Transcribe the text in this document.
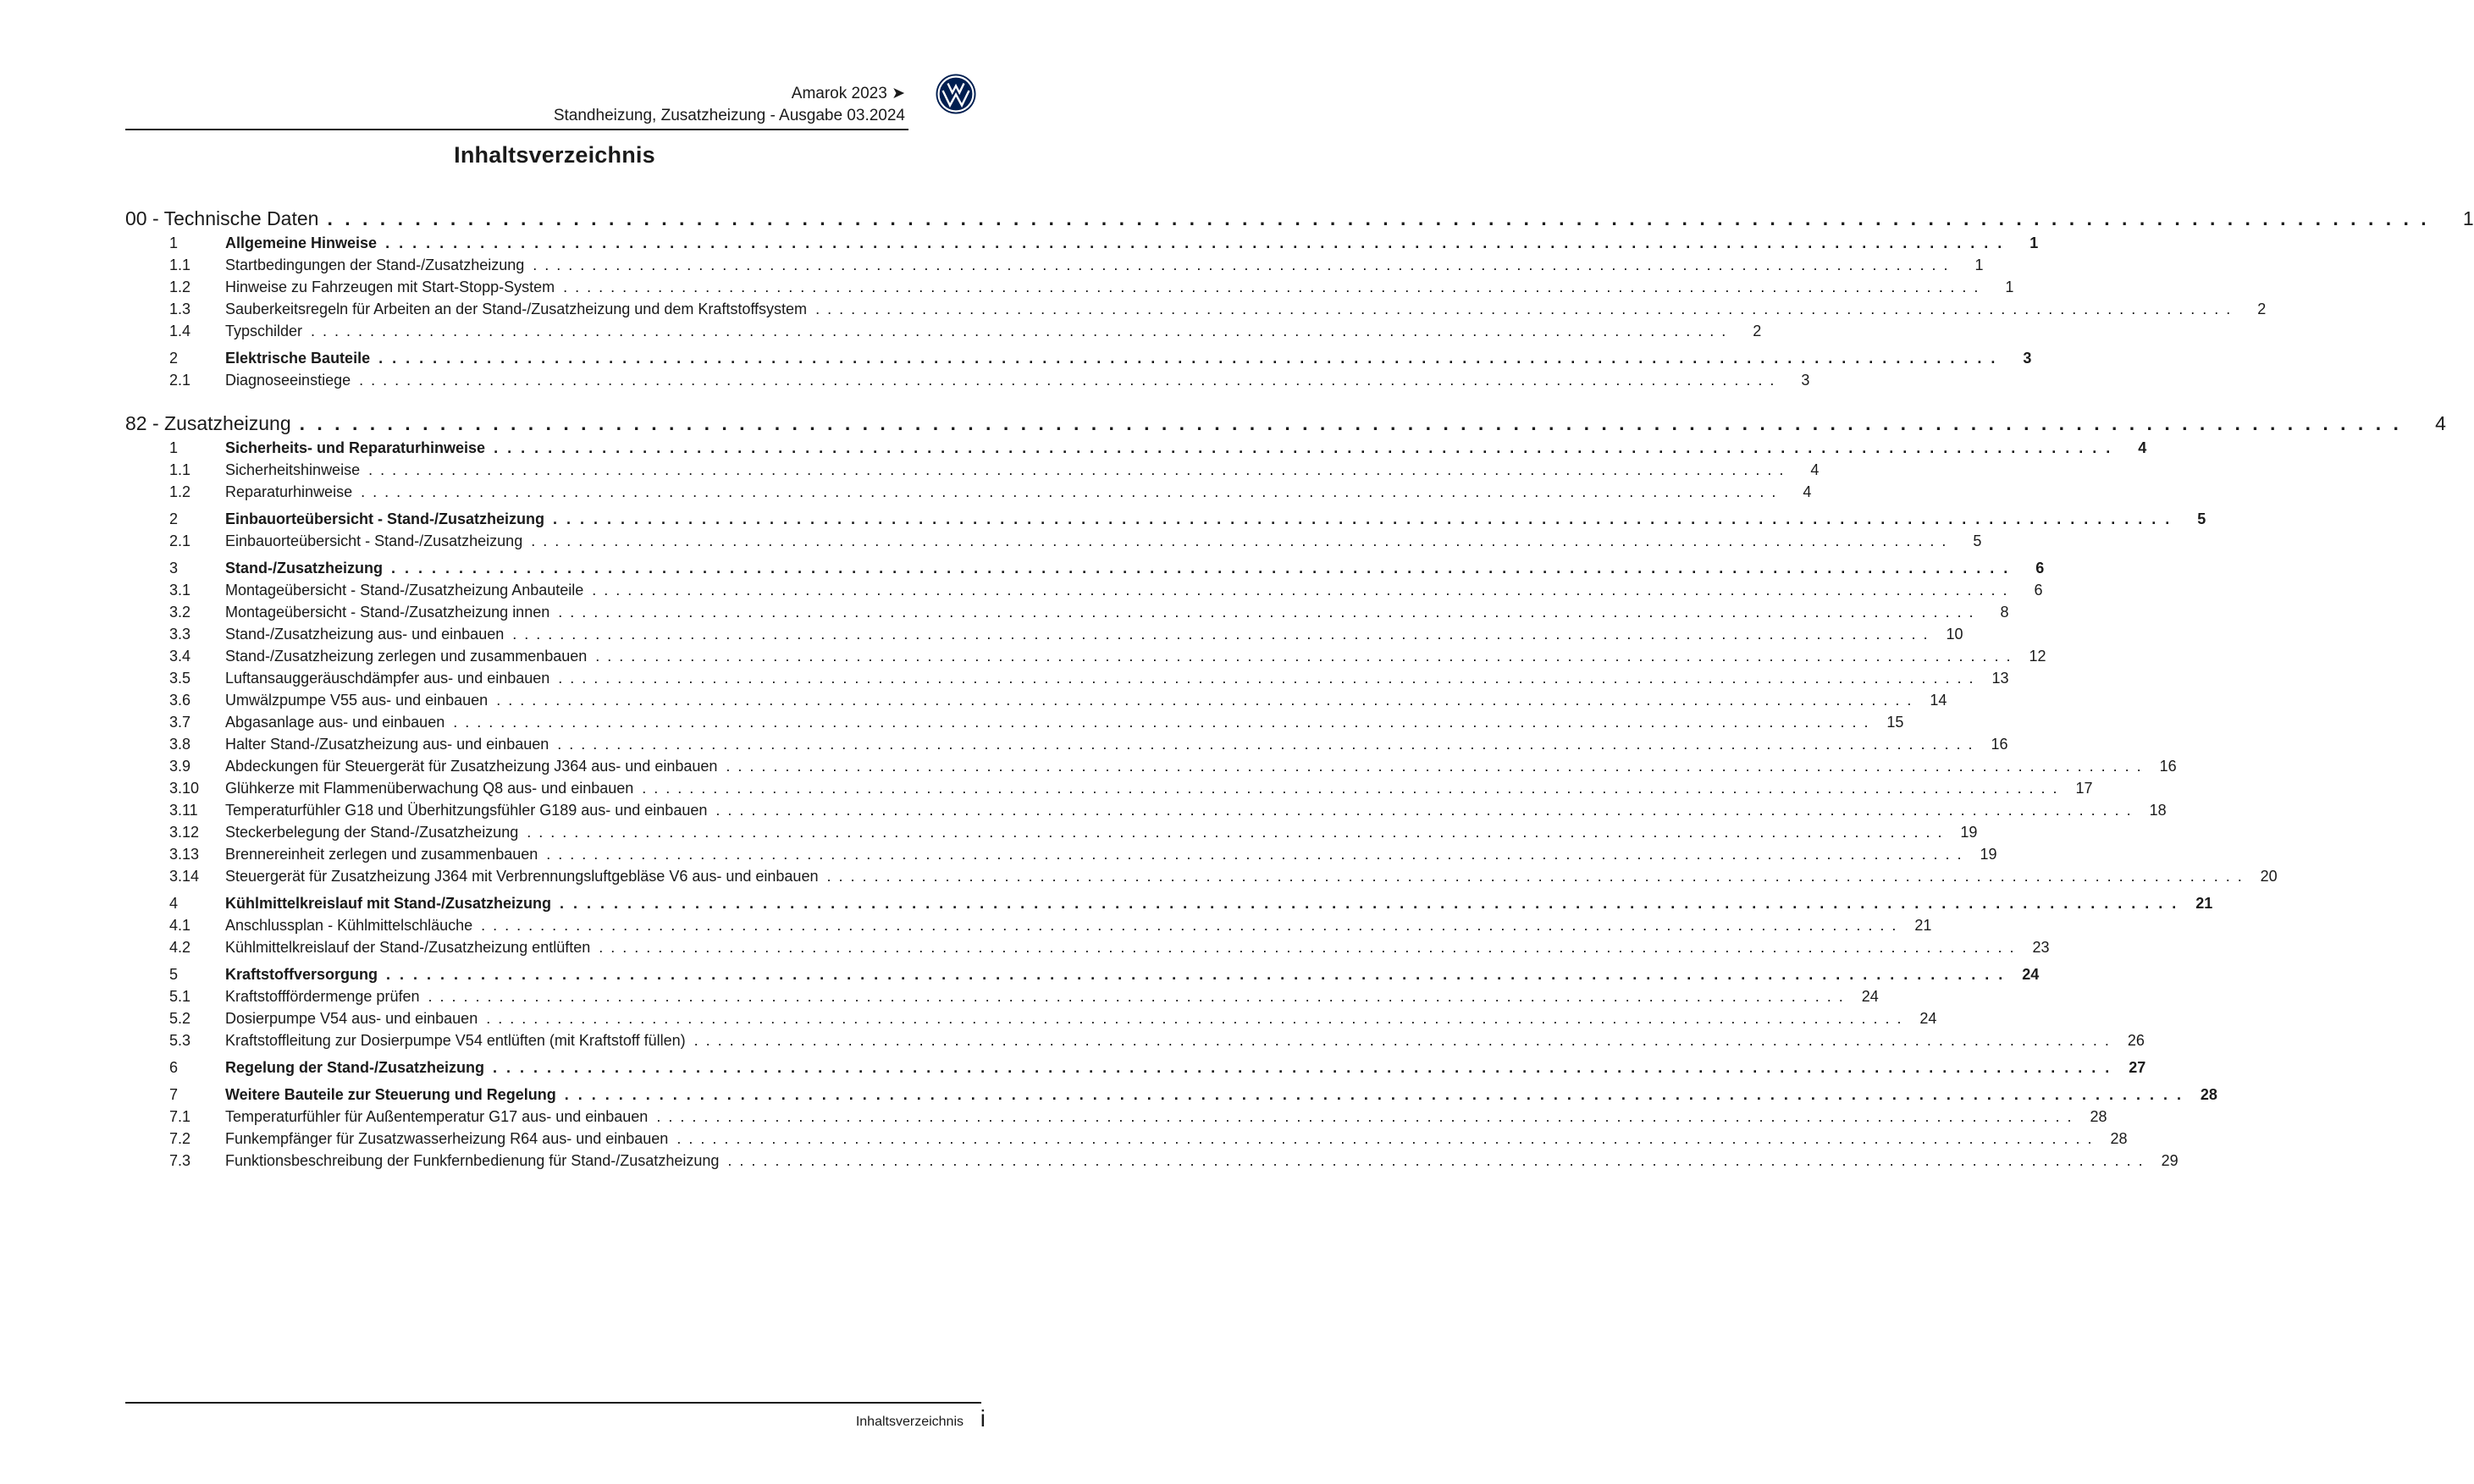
Amarok 2023 ➤
Standheizung, Zusatzheizung - Ausgabe 03.2024
Inhaltsverzeichnis
00 - Technische Daten . . . . . . . . . . . . . . . . . . . . . . . . . . . . . . . . . . . . . . . . . . . . . . . . . . . . . . . . . . . . . . . . . . . . . . . . . . . . . . . . . . . . . . . . . . . . . . . . . . . . . . . . . . . . . . . . . . . . . . . .	1
1	Allgemeine Hinweise . . . . . . . . . . . . . . . . . . . . . . . . . . . . . . . . . . . . . . . . . . . . . . . . . . . . . . . . . . . . . . . . . . . . . . . . . . . . . . . . . . . . . . . . . . . . . . . . . . . . . . . . . . . . . . . . . . . . . . . .	1
1.1	Startbedingungen der Stand-/Zusatzheizung . . . . . . . . . . . . . . . . . . . . . . . . . . . . . . . . . . . . . . . . . . . . . . . . . . . . . . . . . . . . . . . . . . . . . . . . . . . . . . . . . . . . . . . . . . . . . . . . . . . . . . . . . . . . . . . . . . . . . . . .	1
1.2	Hinweise zu Fahrzeugen mit Start-Stopp-System . . . . . . . . . . . . . . . . . . . . . . . . . . . . . . . . . . . . . . . . . . . . . . . . . . . . . . . . . . . . . . . . . . . . . . . . . . . . . . . . . . . . . . . . . . . . . . . . . . . . . . . . . . . . . . . . . . . . . . . .	1
1.3	Sauberkeitsregeln für Arbeiten an der Stand-/Zusatzheizung und dem Kraftstoffsystem . . . . . . . . . . . . . . . . . . . . . . . . . . . . . . . . . . . . . . . . . . . . . . . . . . . . . . . . . . . . . . . . . . . . . . . . . . . . . . . . . . . . . . . . . . . . . . . . . . . . . . . . . . . . . . . . . . . . . . . .	2
1.4	Typschilder . . . . . . . . . . . . . . . . . . . . . . . . . . . . . . . . . . . . . . . . . . . . . . . . . . . . . . . . . . . . . . . . . . . . . . . . . . . . . . . . . . . . . . . . . . . . . . . . . . . . . . . . . . . . . . . . . . . . . . . .	2
2	Elektrische Bauteile . . . . . . . . . . . . . . . . . . . . . . . . . . . . . . . . . . . . . . . . . . . . . . . . . . . . . . . . . . . . . . . . . . . . . . . . . . . . . . . . . . . . . . . . . . . . . . . . . . . . . . . . . . . . . . . . . . . . . . . .	3
2.1	Diagnoseeinstiege . . . . . . . . . . . . . . . . . . . . . . . . . . . . . . . . . . . . . . . . . . . . . . . . . . . . . . . . . . . . . . . . . . . . . . . . . . . . . . . . . . . . . . . . . . . . . . . . . . . . . . . . . . . . . . . . . . . . . . . .	3
82 - Zusatzheizung . . . . . . . . . . . . . . . . . . . . . . . . . . . . . . . . . . . . . . . . . . . . . . . . . . . . . . . . . . . . . . . . . . . . . . . . . . . . . . . . . . . . . . . . . . . . . . . . . . . . . . . . . . . . . . . . . . . . . . . .	4
1	Sicherheits- und Reparaturhinweise . . . . . . . . . . . . . . . . . . . . . . . . . . . . . . . . . . . . . . . . . . . . . . . . . . . . . . . . . . . . . . . . . . . . . . . . . . . . . . . . . . . . . . . . . . . . . . . . . . . . . . . . . . . . . . . . . . . . . . . .	4
1.1	Sicherheitshinweise . . . . . . . . . . . . . . . . . . . . . . . . . . . . . . . . . . . . . . . . . . . . . . . . . . . . . . . . . . . . . . . . . . . . . . . . . . . . . . . . . . . . . . . . . . . . . . . . . . . . . . . . . . . . . . . . . . . . . . . .	4
1.2	Reparaturhinweise . . . . . . . . . . . . . . . . . . . . . . . . . . . . . . . . . . . . . . . . . . . . . . . . . . . . . . . . . . . . . . . . . . . . . . . . . . . . . . . . . . . . . . . . . . . . . . . . . . . . . . . . . . . . . . . . . . . . . . . .	4
2	Einbauorteübersicht - Stand-/Zusatzheizung . . . . . . . . . . . . . . . . . . . . . . . . . . . . . . . . . . . . . . . . . . . . . . . . . . . . . . . . . . . . . . . . . . . . . . . . . . . . . . . . . . . . . . . . . . . . . . . . . . . . . . . . . . . . . . . . . . . . . . . .	5
2.1	Einbauorteübersicht - Stand-/Zusatzheizung . . . . . . . . . . . . . . . . . . . . . . . . . . . . . . . . . . . . . . . . . . . . . . . . . . . . . . . . . . . . . . . . . . . . . . . . . . . . . . . . . . . . . . . . . . . . . . . . . . . . . . . . . . . . . . . . . . . . . . . .	5
3	Stand-/Zusatzheizung . . . . . . . . . . . . . . . . . . . . . . . . . . . . . . . . . . . . . . . . . . . . . . . . . . . . . . . . . . . . . . . . . . . . . . . . . . . . . . . . . . . . . . . . . . . . . . . . . . . . . . . . . . . . . . . . . . . . . . . .	6
3.1	Montageübersicht - Stand-/Zusatzheizung Anbauteile . . . . . . . . . . . . . . . . . . . . . . . . . . . . . . . . . . . . . . . . . . . . . . . . . . . . . . . . . . . . . . . . . . . . . . . . . . . . . . . . . . . . . . . . . . . . . . . . . . . . . . . . . . . . . . . . . . . . . . . .	6
3.2	Montageübersicht - Stand-/Zusatzheizung innen . . . . . . . . . . . . . . . . . . . . . . . . . . . . . . . . . . . . . . . . . . . . . . . . . . . . . . . . . . . . . . . . . . . . . . . . . . . . . . . . . . . . . . . . . . . . . . . . . . . . . . . . . . . . . . . . . . . . . . . .	8
3.3	Stand-/Zusatzheizung aus- und einbauen . . . . . . . . . . . . . . . . . . . . . . . . . . . . . . . . . . . . . . . . . . . . . . . . . . . . . . . . . . . . . . . . . . . . . . . . . . . . . . . . . . . . . . . . . . . . . . . . . . . . . . . . . . . . . . . . . . . . . . . .	10
3.4	Stand-/Zusatzheizung zerlegen und zusammenbauen . . . . . . . . . . . . . . . . . . . . . . . . . . . . . . . . . . . . . . . . . . . . . . . . . . . . . . . . . . . . . . . . . . . . . . . . . . . . . . . . . . . . . . . . . . . . . . . . . . . . . . . . . . . . . . . . . . . . . . . .	12
3.5	Luftansauggeräuschdämpfer aus- und einbauen . . . . . . . . . . . . . . . . . . . . . . . . . . . . . . . . . . . . . . . . . . . . . . . . . . . . . . . . . . . . . . . . . . . . . . . . . . . . . . . . . . . . . . . . . . . . . . . . . . . . . . . . . . . . . . . . . . . . . . . .	13
3.6	Umwälzpumpe V55 aus- und einbauen . . . . . . . . . . . . . . . . . . . . . . . . . . . . . . . . . . . . . . . . . . . . . . . . . . . . . . . . . . . . . . . . . . . . . . . . . . . . . . . . . . . . . . . . . . . . . . . . . . . . . . . . . . . . . . . . . . . . . . . .	14
3.7	Abgasanlage aus- und einbauen . . . . . . . . . . . . . . . . . . . . . . . . . . . . . . . . . . . . . . . . . . . . . . . . . . . . . . . . . . . . . . . . . . . . . . . . . . . . . . . . . . . . . . . . . . . . . . . . . . . . . . . . . . . . . . . . . . . . . . . .	15
3.8	Halter Stand-/Zusatzheizung aus- und einbauen . . . . . . . . . . . . . . . . . . . . . . . . . . . . . . . . . . . . . . . . . . . . . . . . . . . . . . . . . . . . . . . . . . . . . . . . . . . . . . . . . . . . . . . . . . . . . . . . . . . . . . . . . . . . . . . . . . . . . . . .	16
3.9	Abdeckungen für Steuergerät für Zusatzheizung J364 aus- und einbauen . . . . . . . . . . . . . . . . . . . . . . . . . . . . . . . . . . . . . . . . . . . . . . . . . . . . . . . . . . . . . . . . . . . . . . . . . . . . . . . . . . . . . . . . . . . . . . . . . . . . . . . . . . . . . . . . . . . . . . . .	16
3.10	Glühkerze mit Flammenüberwachung Q8 aus- und einbauen . . . . . . . . . . . . . . . . . . . . . . . . . . . . . . . . . . . . . . . . . . . . . . . . . . . . . . . . . . . . . . . . . . . . . . . . . . . . . . . . . . . . . . . . . . . . . . . . . . . . . . . . . . . . . . . . . . . . . . . .	17
3.11	Temperaturfühler G18 und Überhitzungsfühler G189 aus- und einbauen . . . . . . . . . . . . . . . . . . . . . . . . . . . . . . . . . . . . . . . . . . . . . . . . . . . . . . . . . . . . . . . . . . . . . . . . . . . . . . . . . . . . . . . . . . . . . . . . . . . . . . . . . . . . . . . . . . . . . . . .	18
3.12	Steckerbelegung der Stand-/Zusatzheizung . . . . . . . . . . . . . . . . . . . . . . . . . . . . . . . . . . . . . . . . . . . . . . . . . . . . . . . . . . . . . . . . . . . . . . . . . . . . . . . . . . . . . . . . . . . . . . . . . . . . . . . . . . . . . . . . . . . . . . . .	19
3.13	Brennereinheit zerlegen und zusammenbauen . . . . . . . . . . . . . . . . . . . . . . . . . . . . . . . . . . . . . . . . . . . . . . . . . . . . . . . . . . . . . . . . . . . . . . . . . . . . . . . . . . . . . . . . . . . . . . . . . . . . . . . . . . . . . . . . . . . . . . . .	19
3.14	Steuergerät für Zusatzheizung J364 mit Verbrennungsluftgebläse V6 aus- und einbauen . . . . . . . . . . . . . . . . . . . . . . . . . . . . . . . . . . . . . . . . . . . . . . . . . . . . . . . . . . . . . . . . . . . . . . . . . . . . . . . . . . . . . . . . . . . . . . . . . . . . . . . . . . . . . . . . . . . . . . . .	20
4	Kühlmittelkreislauf mit Stand-/Zusatzheizung . . . . . . . . . . . . . . . . . . . . . . . . . . . . . . . . . . . . . . . . . . . . . . . . . . . . . . . . . . . . . . . . . . . . . . . . . . . . . . . . . . . . . . . . . . . . . . . . . . . . . . . . . . . . . . . . . . . . . . . .	21
4.1	Anschlussplan - Kühlmittelschläuche . . . . . . . . . . . . . . . . . . . . . . . . . . . . . . . . . . . . . . . . . . . . . . . . . . . . . . . . . . . . . . . . . . . . . . . . . . . . . . . . . . . . . . . . . . . . . . . . . . . . . . . . . . . . . . . . . . . . . . . .	21
4.2	Kühlmittelkreislauf der Stand-/Zusatzheizung entlüften . . . . . . . . . . . . . . . . . . . . . . . . . . . . . . . . . . . . . . . . . . . . . . . . . . . . . . . . . . . . . . . . . . . . . . . . . . . . . . . . . . . . . . . . . . . . . . . . . . . . . . . . . . . . . . . . . . . . . . . .	23
5	Kraftstoffversorgung . . . . . . . . . . . . . . . . . . . . . . . . . . . . . . . . . . . . . . . . . . . . . . . . . . . . . . . . . . . . . . . . . . . . . . . . . . . . . . . . . . . . . . . . . . . . . . . . . . . . . . . . . . . . . . . . . . . . . . . .	24
5.1	Kraftstofffördermenge prüfen . . . . . . . . . . . . . . . . . . . . . . . . . . . . . . . . . . . . . . . . . . . . . . . . . . . . . . . . . . . . . . . . . . . . . . . . . . . . . . . . . . . . . . . . . . . . . . . . . . . . . . . . . . . . . . . . . . . . . . . .	24
5.2	Dosierpumpe V54 aus- und einbauen . . . . . . . . . . . . . . . . . . . . . . . . . . . . . . . . . . . . . . . . . . . . . . . . . . . . . . . . . . . . . . . . . . . . . . . . . . . . . . . . . . . . . . . . . . . . . . . . . . . . . . . . . . . . . . . . . . . . . . . .	24
5.3	Kraftstoffleitung zur Dosierpumpe V54 entlüften (mit Kraftstoff füllen) . . . . . . . . . . . . . . . . . . . . . . . . . . . . . . . . . . . . . . . . . . . . . . . . . . . . . . . . . . . . . . . . . . . . . . . . . . . . . . . . . . . . . . . . . . . . . . . . . . . . . . . . . . . . . . . . . . . . . . . .	26
6	Regelung der Stand-/Zusatzheizung . . . . . . . . . . . . . . . . . . . . . . . . . . . . . . . . . . . . . . . . . . . . . . . . . . . . . . . . . . . . . . . . . . . . . . . . . . . . . . . . . . . . . . . . . . . . . . . . . . . . . . . . . . . . . . . . . . . . . . . .	27
7	Weitere Bauteile zur Steuerung und Regelung . . . . . . . . . . . . . . . . . . . . . . . . . . . . . . . . . . . . . . . . . . . . . . . . . . . . . . . . . . . . . . . . . . . . . . . . . . . . . . . . . . . . . . . . . . . . . . . . . . . . . . . . . . . . . . . . . . . . . . . .	28
7.1	Temperaturfühler für Außentemperatur G17 aus- und einbauen . . . . . . . . . . . . . . . . . . . . . . . . . . . . . . . . . . . . . . . . . . . . . . . . . . . . . . . . . . . . . . . . . . . . . . . . . . . . . . . . . . . . . . . . . . . . . . . . . . . . . . . . . . . . . . . . . . . . . . . .	28
7.2	Funkempfänger für Zusatzwasserheizung R64 aus- und einbauen . . . . . . . . . . . . . . . . . . . . . . . . . . . . . . . . . . . . . . . . . . . . . . . . . . . . . . . . . . . . . . . . . . . . . . . . . . . . . . . . . . . . . . . . . . . . . . . . . . . . . . . . . . . . . . . . . . . . . . . .	28
7.3	Funktionsbeschreibung der Funkfernbedienung für Stand-/Zusatzheizung . . . . . . . . . . . . . . . . . . . . . . . . . . . . . . . . . . . . . . . . . . . . . . . . . . . . . . . . . . . . . . . . . . . . . . . . . . . . . . . . . . . . . . . . . . . . . . . . . . . . . . . . . . . . . . . . . . . . . . . .	29
Inhaltsverzeichnis i
